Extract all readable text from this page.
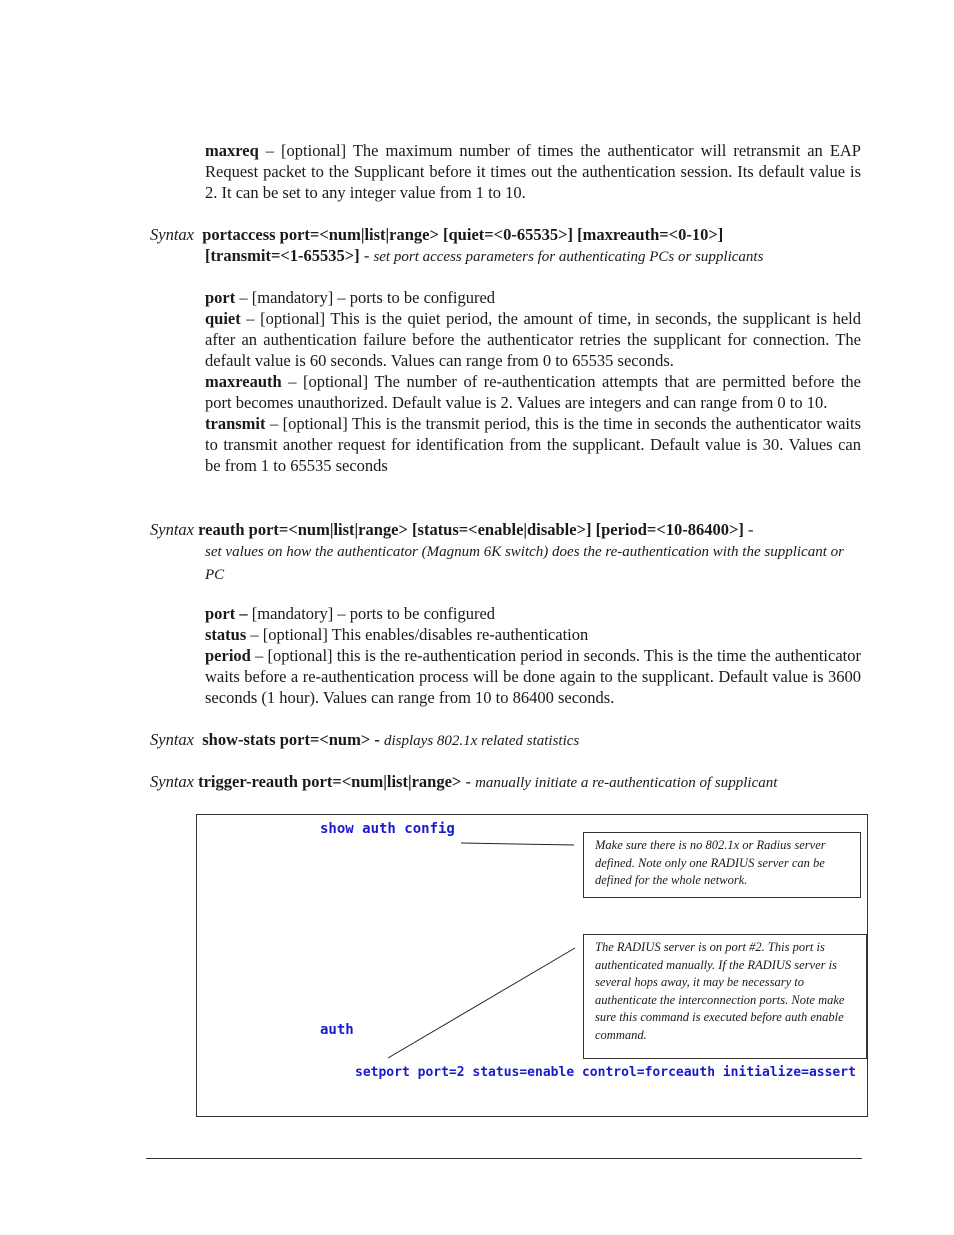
maxreq – [optional] The maximum number of times the authenticator will retransmit an EAP Request packet to the Supplicant before it times out the authentication session. Its default value is 2. It can be set to any integer value from 1 to 10.
Syntax portaccess port=<num|list|range> [quiet=<0-65535>] [maxreauth=<0-10>]

[transmit=<1-65535>] - set port access parameters for authenticating PCs or supplicants

port – [mandatory] – ports to be configured

quiet – [optional] This is the quiet period, the amount of time, in seconds, the supplicant is held after an authentication failure before the authenticator retries the supplicant for connection. The default value is 60 seconds. Values can range from 0 to 65535 seconds.

maxreauth – [optional] The number of re-authentication attempts that are permitted before the port becomes unauthorized. Default value is 2. Values are integers and can range from 0 to 10.

transmit – [optional] This is the transmit period, this is the time in seconds the authenticator waits to transmit another request for identification from the supplicant. Default value is 30. Values can be from 1 to 65535 seconds

Syntax reauth port=<num|list|range> [status=<enable|disable>] [period=<10-86400>] -
set values on how the authenticator (Magnum 6K switch) does the re-authentication with the supplicant or PC

port – [mandatory] – ports to be configured

status – [optional] This enables/disables re-authentication

period – [optional] this is the re-authentication period in seconds. This is the time the authenticator waits before a re-authentication process will be done again to the supplicant. Default value is 3600 seconds (1 hour). Values can range from 10 to 86400 seconds.

Syntax show-stats port=<num> - displays 802.1x related statistics
Syntax trigger-reauth port=<num|list|range> - manually initiate a re-authentication of supplicant
show auth config
auth
setport port=2 status=enable control=forceauth initialize=assert
Make sure there is no 802.1x or Radius server defined. Note only one RADIUS server can be defined for the whole network.
The RADIUS server is on port #2. This port is authenticated manually. If the RADIUS server is several hops away, it may be necessary to authenticate the interconnection ports. Note make sure this command is executed before auth enable command.
